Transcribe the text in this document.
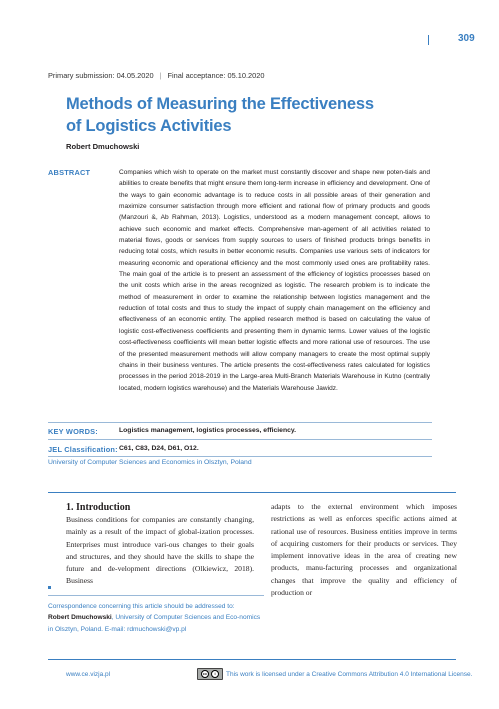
309
Primary submission: 04.05.2020 | Final acceptance: 05.10.2020
Methods of Measuring the Effectiveness of Logistics Activities
Robert Dmuchowski
ABSTRACT	Companies which wish to operate on the market must constantly discover and shape new poten-tials and abilities to create benefits that might ensure them long-term increase in efficiency and development. One of the ways to gain economic advantage is to reduce costs in all possible areas of their generation and maximize consumer satisfaction through more efficient and rational flow of primary products and goods (Manzouri &, Ab Rahman, 2013). Logistics, understood as a modern management concept, allows to achieve such economic and market effects. Comprehensive man-agement of all activities related to material flows, goods or services from supply sources to users of finished products brings benefits in reducing total costs, which results in better economic results. Companies use various sets of indicators for measuring economic and operational efficiency and the most commonly used ones are profitability rates. The main goal of the article is to present an assessment of the efficiency of logistics processes based on the unit costs which arise in the areas recognized as logistic. The research problem is to indicate the method of measurement in order to examine the relationship between logistics management and the reduction of total costs and thus to study the impact of supply chain management on the efficiency and effectiveness of an economic entity. The applied research method is based on calculating the value of logistic cost-effectiveness coefficients and presenting them in dynamic terms. Lower values of the logistic cost-effectiveness coefficients will mean better logistic effects and more rational use of resources. The use of the presented measurement methods will allow company managers to create the most optimal supply chains in their business ventures. The article presents the cost-effectiveness rates calculated for logistics processes in the period 2018-2019 in the Large-area Multi-Branch Materials Warehouse in Kutno (centrally located, modern logistics warehouse) and the Materials Warehouse Jawidz.
KEY WORDS:	Logistics management, logistics processes, efficiency.
JEL Classification: C61, C83, D24, D61, O12.
University of Computer Sciences and Economics in Olsztyn, Poland
1. Introduction
Business conditions for companies are constantly changing, mainly as a result of the impact of global-ization processes. Enterprises must introduce vari-ous changes to their goals and structures, and they should have the skills to shape the future and de-velopment directions (Olkiewicz, 2018). Business
adapts to the external environment which imposes restrictions as well as enforces specific actions aimed at rational use of resources. Business entities improve in terms of acquiring customers for their products or services. They implement innovative ideas in the area of creating new products, manu-facturing processes and organizational changes that improve the quality and efficiency of production or
Correspondence concerning this article should be addressed to:
Robert Dmuchowski, University of Computer Sciences and Eco-nomics in Olsztyn, Poland. E-mail: rdmuchowski@vp.pl
www.ce.vizja.pl	cc	i	This work is licensed under a Creative Commons Attribution 4.0 International License.
